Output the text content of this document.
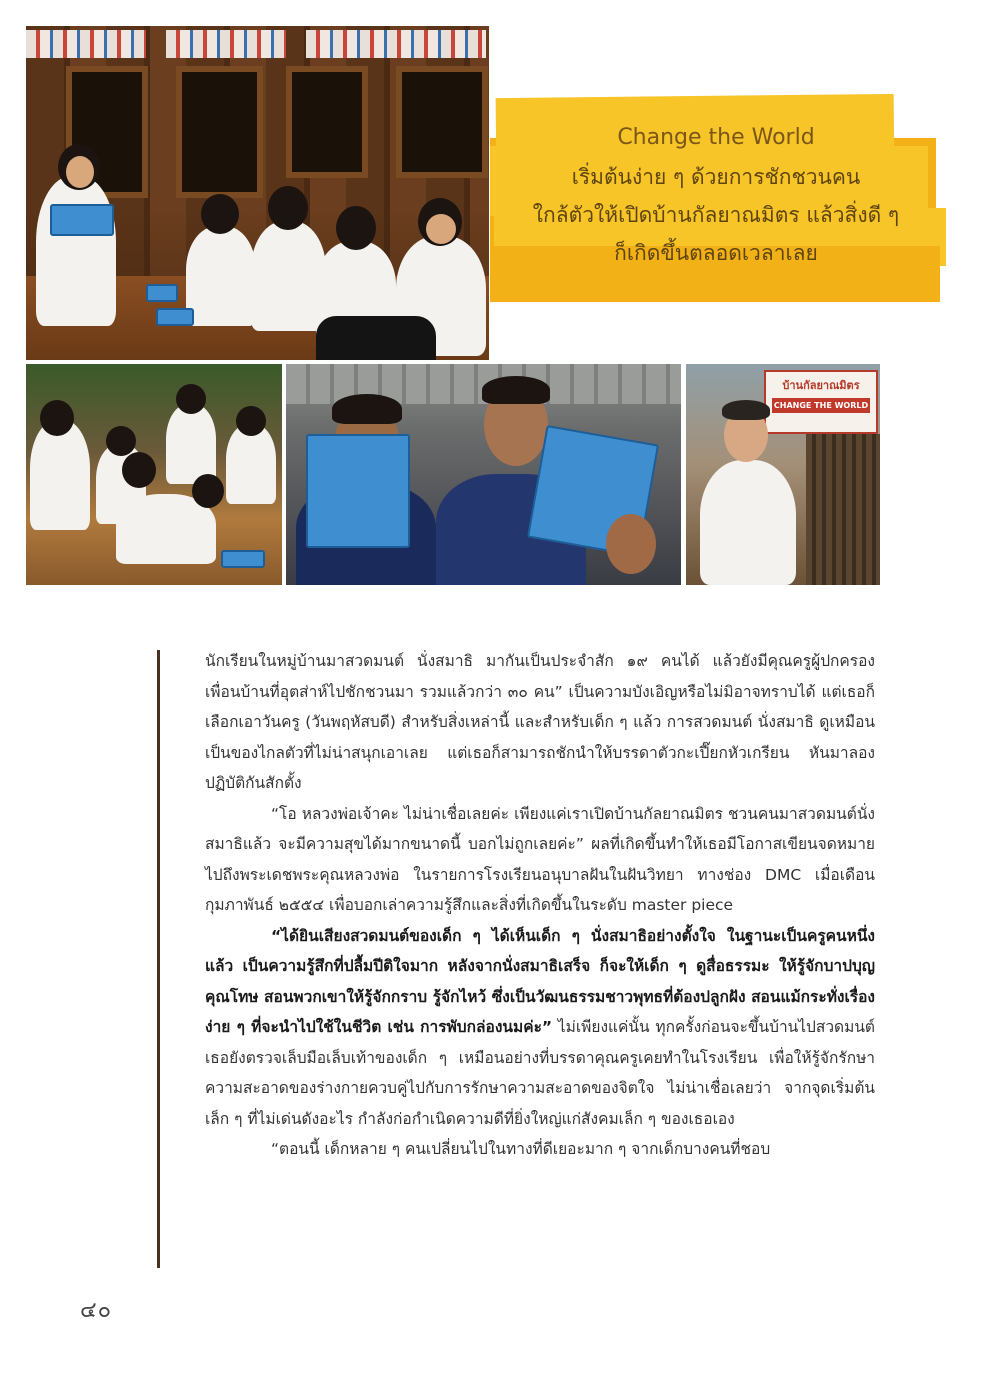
Change the World
เริ่มต้นง่าย ๆ ด้วยการชักชวนคน
ใกล้ตัวให้เปิดบ้านกัลยาณมิตร แล้วสิ่งดี ๆ
ก็เกิดขึ้นตลอดเวลาเลย
บ้านกัลยาณมิตร
CHANGE THE WORLD

นักเรียนในหมู่บ้านมาสวดมนต์ นั่งสมาธิ มากันเป็นประจำสัก ๑๙ คนได้ แล้วยังมีคุณครูผู้ปกครอง เพื่อนบ้านที่อุตส่าห์ไปชักชวนมา รวมแล้วกว่า ๓๐ คน” เป็นความบังเอิญหรือไม่มิอาจทราบได้ แต่เธอก็เลือกเอาวันครู (วันพฤหัสบดี) สำหรับสิ่งเหล่านี้ และสำหรับเด็ก ๆ แล้ว การสวดมนต์ นั่งสมาธิ ดูเหมือนเป็นของไกลตัวที่ไม่น่าสนุกเอาเลย แต่เธอก็สามารถชักนำให้บรรดาตัวกะเปี๊ยกหัวเกรียน หันมาลองปฏิบัติกันสักตั้ง

“โอ หลวงพ่อเจ้าคะ ไม่น่าเชื่อเลยค่ะ เพียงแค่เราเปิดบ้านกัลยาณมิตร ชวนคนมาสวดมนต์นั่งสมาธิแล้ว จะมีความสุขได้มากขนาดนี้ บอกไม่ถูกเลยค่ะ” ผลที่เกิดขึ้นทำให้เธอมีโอกาสเขียนจดหมายไปถึงพระเดชพระคุณหลวงพ่อ ในรายการโรงเรียนอนุบาลฝันในฝันวิทยา ทางช่อง DMC เมื่อเดือนกุมภาพันธ์ ๒๕๕๔ เพื่อบอกเล่าความรู้สึกและสิ่งที่เกิดขึ้นในระดับ master piece

“ได้ยินเสียงสวดมนต์ของเด็ก ๆ ได้เห็นเด็ก ๆ นั่งสมาธิอย่างตั้งใจ ในฐานะเป็นครูคนหนึ่งแล้ว เป็นความรู้สึกที่ปลื้มปีติใจมาก หลังจากนั่งสมาธิเสร็จ ก็จะให้เด็ก ๆ ดูสื่อธรรมะ ให้รู้จักบาปบุญคุณโทษ สอนพวกเขาให้รู้จักกราบ รู้จักไหว้ ซึ่งเป็นวัฒนธรรมชาวพุทธที่ต้องปลูกฝัง สอนแม้กระทั่งเรื่องง่าย ๆ ที่จะนำไปใช้ในชีวิต เช่น การพับกล่องนมค่ะ” ไม่เพียงแค่นั้น ทุกครั้งก่อนจะขึ้นบ้านไปสวดมนต์ เธอยังตรวจเล็บมือเล็บเท้าของเด็ก ๆ เหมือนอย่างที่บรรดาคุณครูเคยทำในโรงเรียน เพื่อให้รู้จักรักษาความสะอาดของร่างกายควบคู่ไปกับการรักษาความสะอาดของจิตใจ ไม่น่าเชื่อเลยว่า จากจุดเริ่มต้นเล็ก ๆ ที่ไม่เด่นดังอะไร กำลังก่อกำเนิดความดีที่ยิ่งใหญ่แก่สังคมเล็ก ๆ ของเธอเอง

“ตอนนี้ เด็กหลาย ๆ คนเปลี่ยนไปในทางที่ดีเยอะมาก ๆ จากเด็กบางคนที่ชอบ

๔๐
